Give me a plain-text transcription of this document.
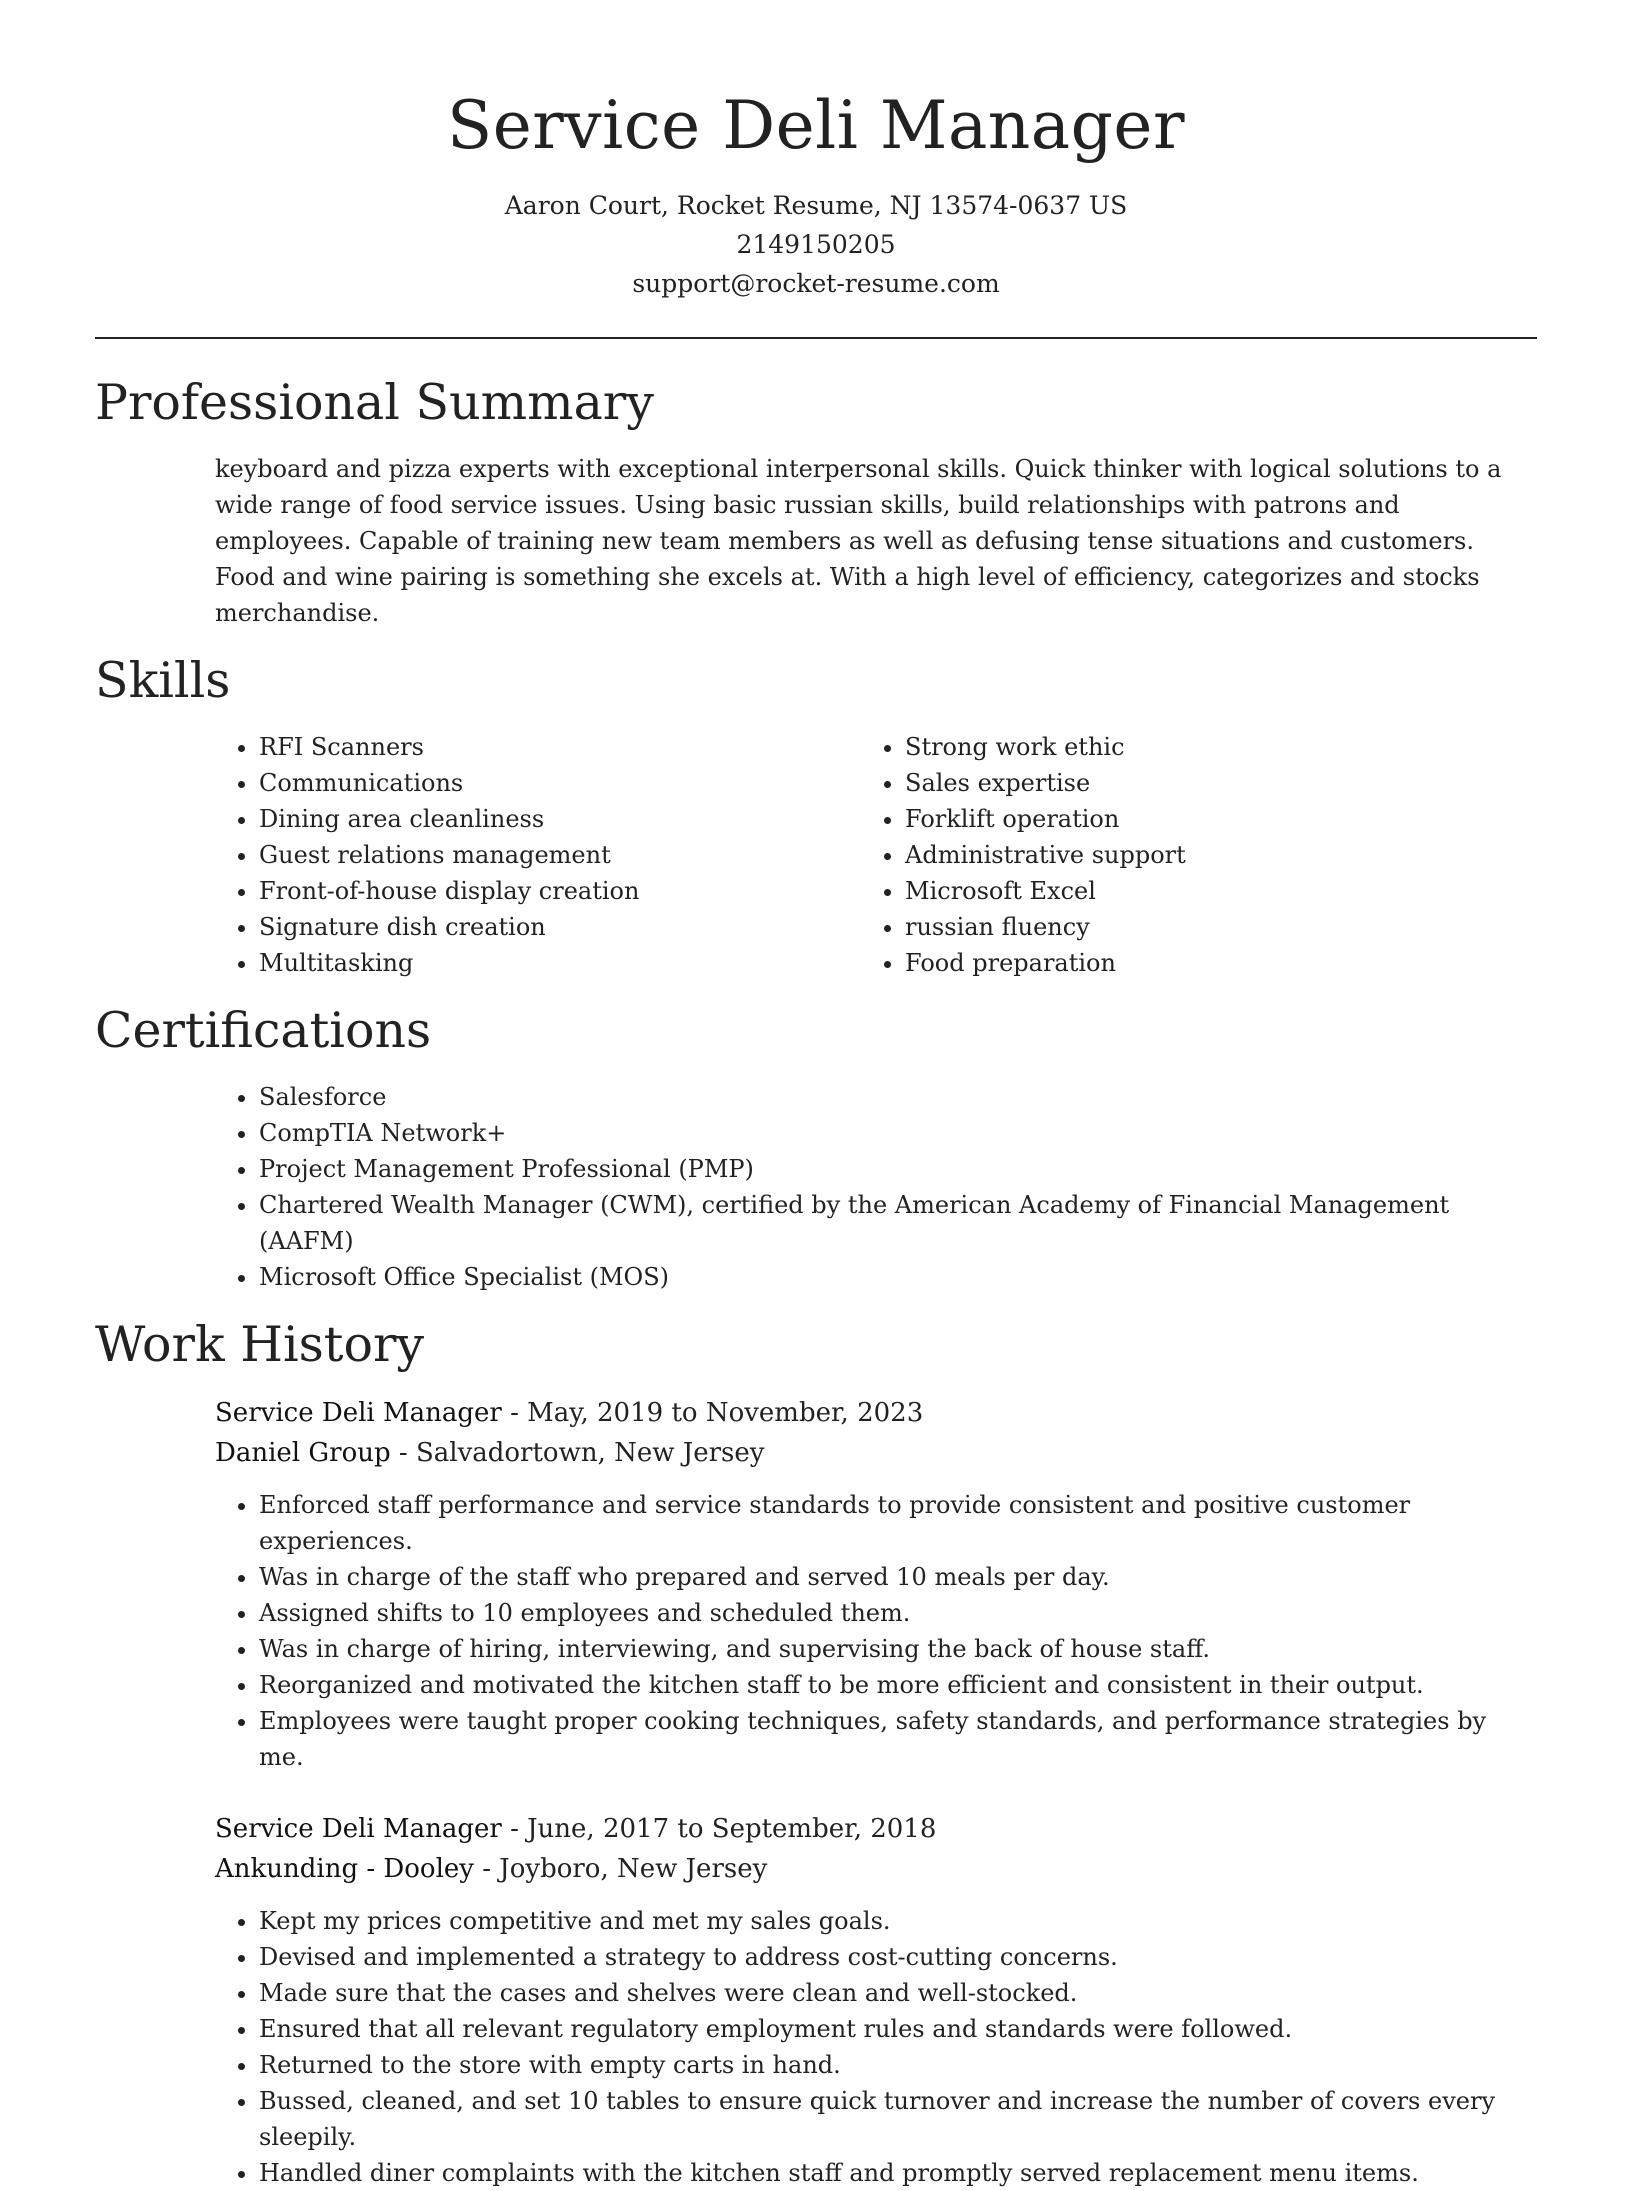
Service Deli Manager
Aaron Court, Rocket Resume, NJ 13574-0637 US
2149150205
support@rocket-resume.com
Professional Summary

keyboard and pizza experts with exceptional interpersonal skills. Quick thinker with logical solutions to a wide range of food service issues. Using basic russian skills, build relationships with patrons and employees. Capable of training new team members as well as defusing tense situations and customers. Food and wine pairing is something she excels at. With a high level of efficiency, categorizes and stocks merchandise.

Skills
• RFI Scanners
• Communications
• Dining area cleanliness
• Guest relations management
• Front-of-house display creation
• Signature dish creation
• Multitasking
• Strong work ethic
• Sales expertise
• Forklift operation
• Administrative support
• Microsoft Excel
• russian fluency
• Food preparation
Certifications
• Salesforce
• CompTIA Network+
• Project Management Professional (PMP)
• Chartered Wealth Manager (CWM), certified by the American Academy of Financial Management (AAFM)
• Microsoft Office Specialist (MOS)
Work History
Service Deli Manager - May, 2019 to November, 2023
Daniel Group - Salvadortown, New Jersey
• Enforced staff performance and service standards to provide consistent and positive customer experiences.
• Was in charge of the staff who prepared and served 10 meals per day.
• Assigned shifts to 10 employees and scheduled them.
• Was in charge of hiring, interviewing, and supervising the back of house staff.
• Reorganized and motivated the kitchen staff to be more efficient and consistent in their output.
• Employees were taught proper cooking techniques, safety standards, and performance strategies by me.
Service Deli Manager - June, 2017 to September, 2018
Ankunding - Dooley - Joyboro, New Jersey
• Kept my prices competitive and met my sales goals.
• Devised and implemented a strategy to address cost-cutting concerns.
• Made sure that the cases and shelves were clean and well-stocked.
• Ensured that all relevant regulatory employment rules and standards were followed.
• Returned to the store with empty carts in hand.
• Bussed, cleaned, and set 10 tables to ensure quick turnover and increase the number of covers every sleepily.
• Handled diner complaints with the kitchen staff and promptly served replacement menu items.
